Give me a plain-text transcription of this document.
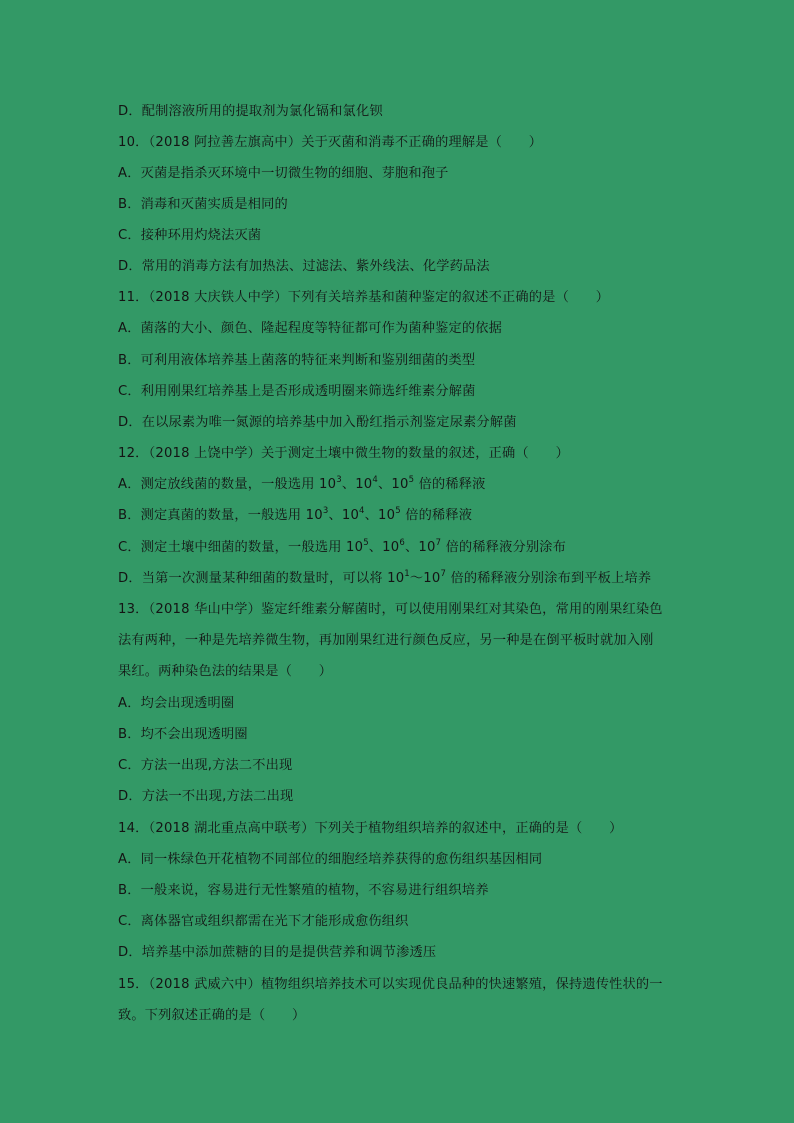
D．配制溶液所用的提取剂为氯化镉和氯化钡
10．（2018 阿拉善左旗高中）关于灭菌和消毒不正确的理解是（　　）
A．灭菌是指杀灭环境中一切微生物的细胞、芽胞和孢子
B．消毒和灭菌实质是相同的
C．接种环用灼烧法灭菌
D．常用的消毒方法有加热法、过滤法、紫外线法、化学药品法
11．（2018 大庆铁人中学）下列有关培养基和菌种鉴定的叙述不正确的是（　　）
A．菌落的大小、颜色、隆起程度等特征都可作为菌种鉴定的依据
B．可利用液体培养基上菌落的特征来判断和鉴别细菌的类型
C．利用刚果红培养基上是否形成透明圈来筛选纤维素分解菌
D．在以尿素为唯一氮源的培养基中加入酚红指示剂鉴定尿素分解菌
12．（2018 上饶中学）关于测定土壤中微生物的数量的叙述，正确（　　）
A．测定放线菌的数量，一般选用 $10^3$、$10^4$、$10^5$ 倍的稀释液
B．测定真菌的数量，一般选用 $10^3$、$10^4$、$10^5$ 倍的稀释液
C．测定土壤中细菌的数量，一般选用 $10^5$、$10^6$、$10^7$ 倍的稀释液分别涂布
D．当第一次测量某种细菌的数量时，可以将 $10^1\sim 10^7$ 倍的稀释液分别涂布到平板上培养
13．（2018 华山中学）鉴定纤维素分解菌时，可以使用刚果红对其染色，常用的刚果红染色
法有两种，一种是先培养微生物，再加刚果红进行颜色反应，另一种是在倒平板时就加入刚
果红。两种染色法的结果是（　　）
A．均会出现透明圈
B．均不会出现透明圈
C．方法一出现,方法二不出现
D．方法一不出现,方法二出现
14．（2018 湖北重点高中联考）下列关于植物组织培养的叙述中，正确的是（　　）
A．同一株绿色开花植物不同部位的细胞经培养获得的愈伤组织基因相同
B．一般来说，容易进行无性繁殖的植物，不容易进行组织培养
C．离体器官或组织都需在光下才能形成愈伤组织
D．培养基中添加蔗糖的目的是提供营养和调节渗透压
15．（2018 武威六中）植物组织培养技术可以实现优良品种的快速繁殖，保持遗传性状的一
致。下列叙述正确的是（　　）
